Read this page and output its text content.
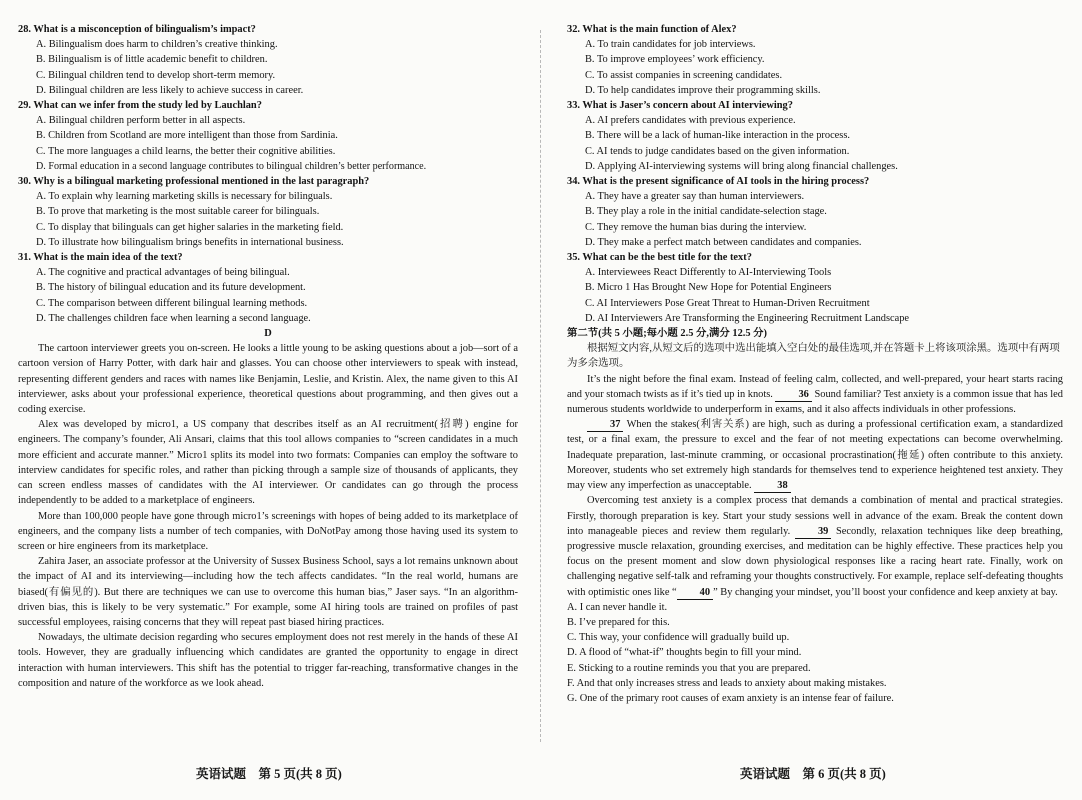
28. What is a misconception of bilingualism’s impact?

A. Bilingualism does harm to children’s creative thinking.

B. Bilingualism is of little academic benefit to children.

C. Bilingual children tend to develop short-term memory.

D. Bilingual children are less likely to achieve success in career.

29. What can we infer from the study led by Lauchlan?

A. Bilingual children perform better in all aspects.

B. Children from Scotland are more intelligent than those from Sardinia.

C. The more languages a child learns, the better their cognitive abilities.

D. Formal education in a second language contributes to bilingual children’s better performance.

30. Why is a bilingual marketing professional mentioned in the last paragraph?

A. To explain why learning marketing skills is necessary for bilinguals.

B. To prove that marketing is the most suitable career for bilinguals.

C. To display that bilinguals can get higher salaries in the marketing field.

D. To illustrate how bilingualism brings benefits in international business.

31. What is the main idea of the text?

A. The cognitive and practical advantages of being bilingual.

B. The history of bilingual education and its future development.

C. The comparison between different bilingual learning methods.

D. The challenges children face when learning a second language.

D

The cartoon interviewer greets you on-screen. He looks a little young to be asking questions about a job—sort of a cartoon version of Harry Potter, with dark hair and glasses. You can choose other interviewers to speak with instead, representing different genders and races with names like Benjamin, Leslie, and Kristin. Alex, the name given to this AI interviewer, asks about your professional experience, theoretical questions about programming, and then gives out a coding exercise.

Alex was developed by micro1, a US company that describes itself as an AI recruitment(招聘) engine for engineers. The company’s founder, Ali Ansari, claims that this tool allows companies to “screen candidates in a much more efficient and accurate manner.” Micro1 splits its model into two formats: Companies can employ the software to interview candidates for specific roles, and rather than picking through a sample size of thousands of applicants, they can screen endless masses of candidates with the AI interviewer. Or candidates can go through the process independently to be added to a marketplace of engineers.

More than 100,000 people have gone through micro1’s screenings with hopes of being added to its marketplace of engineers, and the company lists a number of tech companies, with DoNotPay among those having used its system to screen or hire engineers from its marketplace.

Zahira Jaser, an associate professor at the University of Sussex Business School, says a lot remains unknown about the impact of AI and its interviewing—including how the tech affects candidates. “In the real world, humans are biased(有偏见的). But there are techniques we can use to overcome this human bias,” Jaser says. “In an algorithm-driven bias, this is likely to be very systematic.” For example, some AI hiring tools are trained on profiles of past successful employees, raising concerns that they will repeat past biased hiring practices.

Nowadays, the ultimate decision regarding who secures employment does not rest merely in the hands of these AI tools. However, they are gradually influencing which candidates are granted the opportunity to engage in direct interaction with human interviewers. This shift has the potential to trigger far-reaching, transformative changes in the composition and nature of the workforce as we look ahead.

32. What is the main function of Alex?

A. To train candidates for job interviews.

B. To improve employees’ work efficiency.

C. To assist companies in screening candidates.

D. To help candidates improve their programming skills.

33. What is Jaser’s concern about AI interviewing?

A. AI prefers candidates with previous experience.

B. There will be a lack of human-like interaction in the process.

C. AI tends to judge candidates based on the given information.

D. Applying AI-interviewing systems will bring along financial challenges.

34. What is the present significance of AI tools in the hiring process?

A. They have a greater say than human interviewers.

B. They play a role in the initial candidate-selection stage.

C. They remove the human bias during the interview.

D. They make a perfect match between candidates and companies.

35. What can be the best title for the text?

A. Interviewees React Differently to AI-Interviewing Tools

B. Micro 1 Has Brought New Hope for Potential Engineers

C. AI Interviewers Pose Great Threat to Human-Driven Recruitment

D. AI Interviewers Are Transforming the Engineering Recruitment Landscape

第二节(共 5 小题;每小题 2.5 分,满分 12.5 分)

根据短文内容,从短文后的选项中选出能填入空白处的最佳选项,并在答题卡上将该项涂黑。选项中有两项为多余选项。

It’s the night before the final exam. Instead of feeling calm, collected, and well-prepared, your heart starts racing and your stomach twists as if it’s tied up in knots. 36 Sound familiar? Test anxiety is a common issue that has led numerous students worldwide to underperform in exams, and it also affects individuals in other professions.

37 When the stakes(利害关系) are high, such as during a professional certification exam, a standardized test, or a final exam, the pressure to excel and the fear of not meeting expectations can become overwhelming. Inadequate preparation, last-minute cramming, or occasional procrastination(拖延) often contribute to this anxiety. Moreover, students who set extremely high standards for themselves tend to experience heightened test anxiety. They may view any imperfection as unacceptable. 38

Overcoming test anxiety is a complex process that demands a combination of mental and practical strategies. Firstly, thorough preparation is key. Start your study sessions well in advance of the exam. Break the content down into manageable pieces and review them regularly. 39 Secondly, relaxation techniques like deep breathing, progressive muscle relaxation, grounding exercises, and meditation can be highly effective. These practices help you focus on the present moment and slow down physiological responses like a racing heart rate. Finally, work on challenging negative self-talk and reframing your thoughts constructively. For example, replace self-defeating thoughts with optimistic ones like “ 40 ” By changing your mindset, you’ll boost your confidence and keep anxiety at bay.

A. I can never handle it.

B. I’ve prepared for this.

C. This way, your confidence will gradually build up.

D. A flood of “what-if” thoughts begin to fill your mind.

E. Sticking to a routine reminds you that you are prepared.

F. And that only increases stress and leads to anxiety about making mistakes.

G. One of the primary root causes of exam anxiety is an intense fear of failure.

英语试题　第 5 页(共 8 页)	英语试题　第 6 页(共 8 页)
